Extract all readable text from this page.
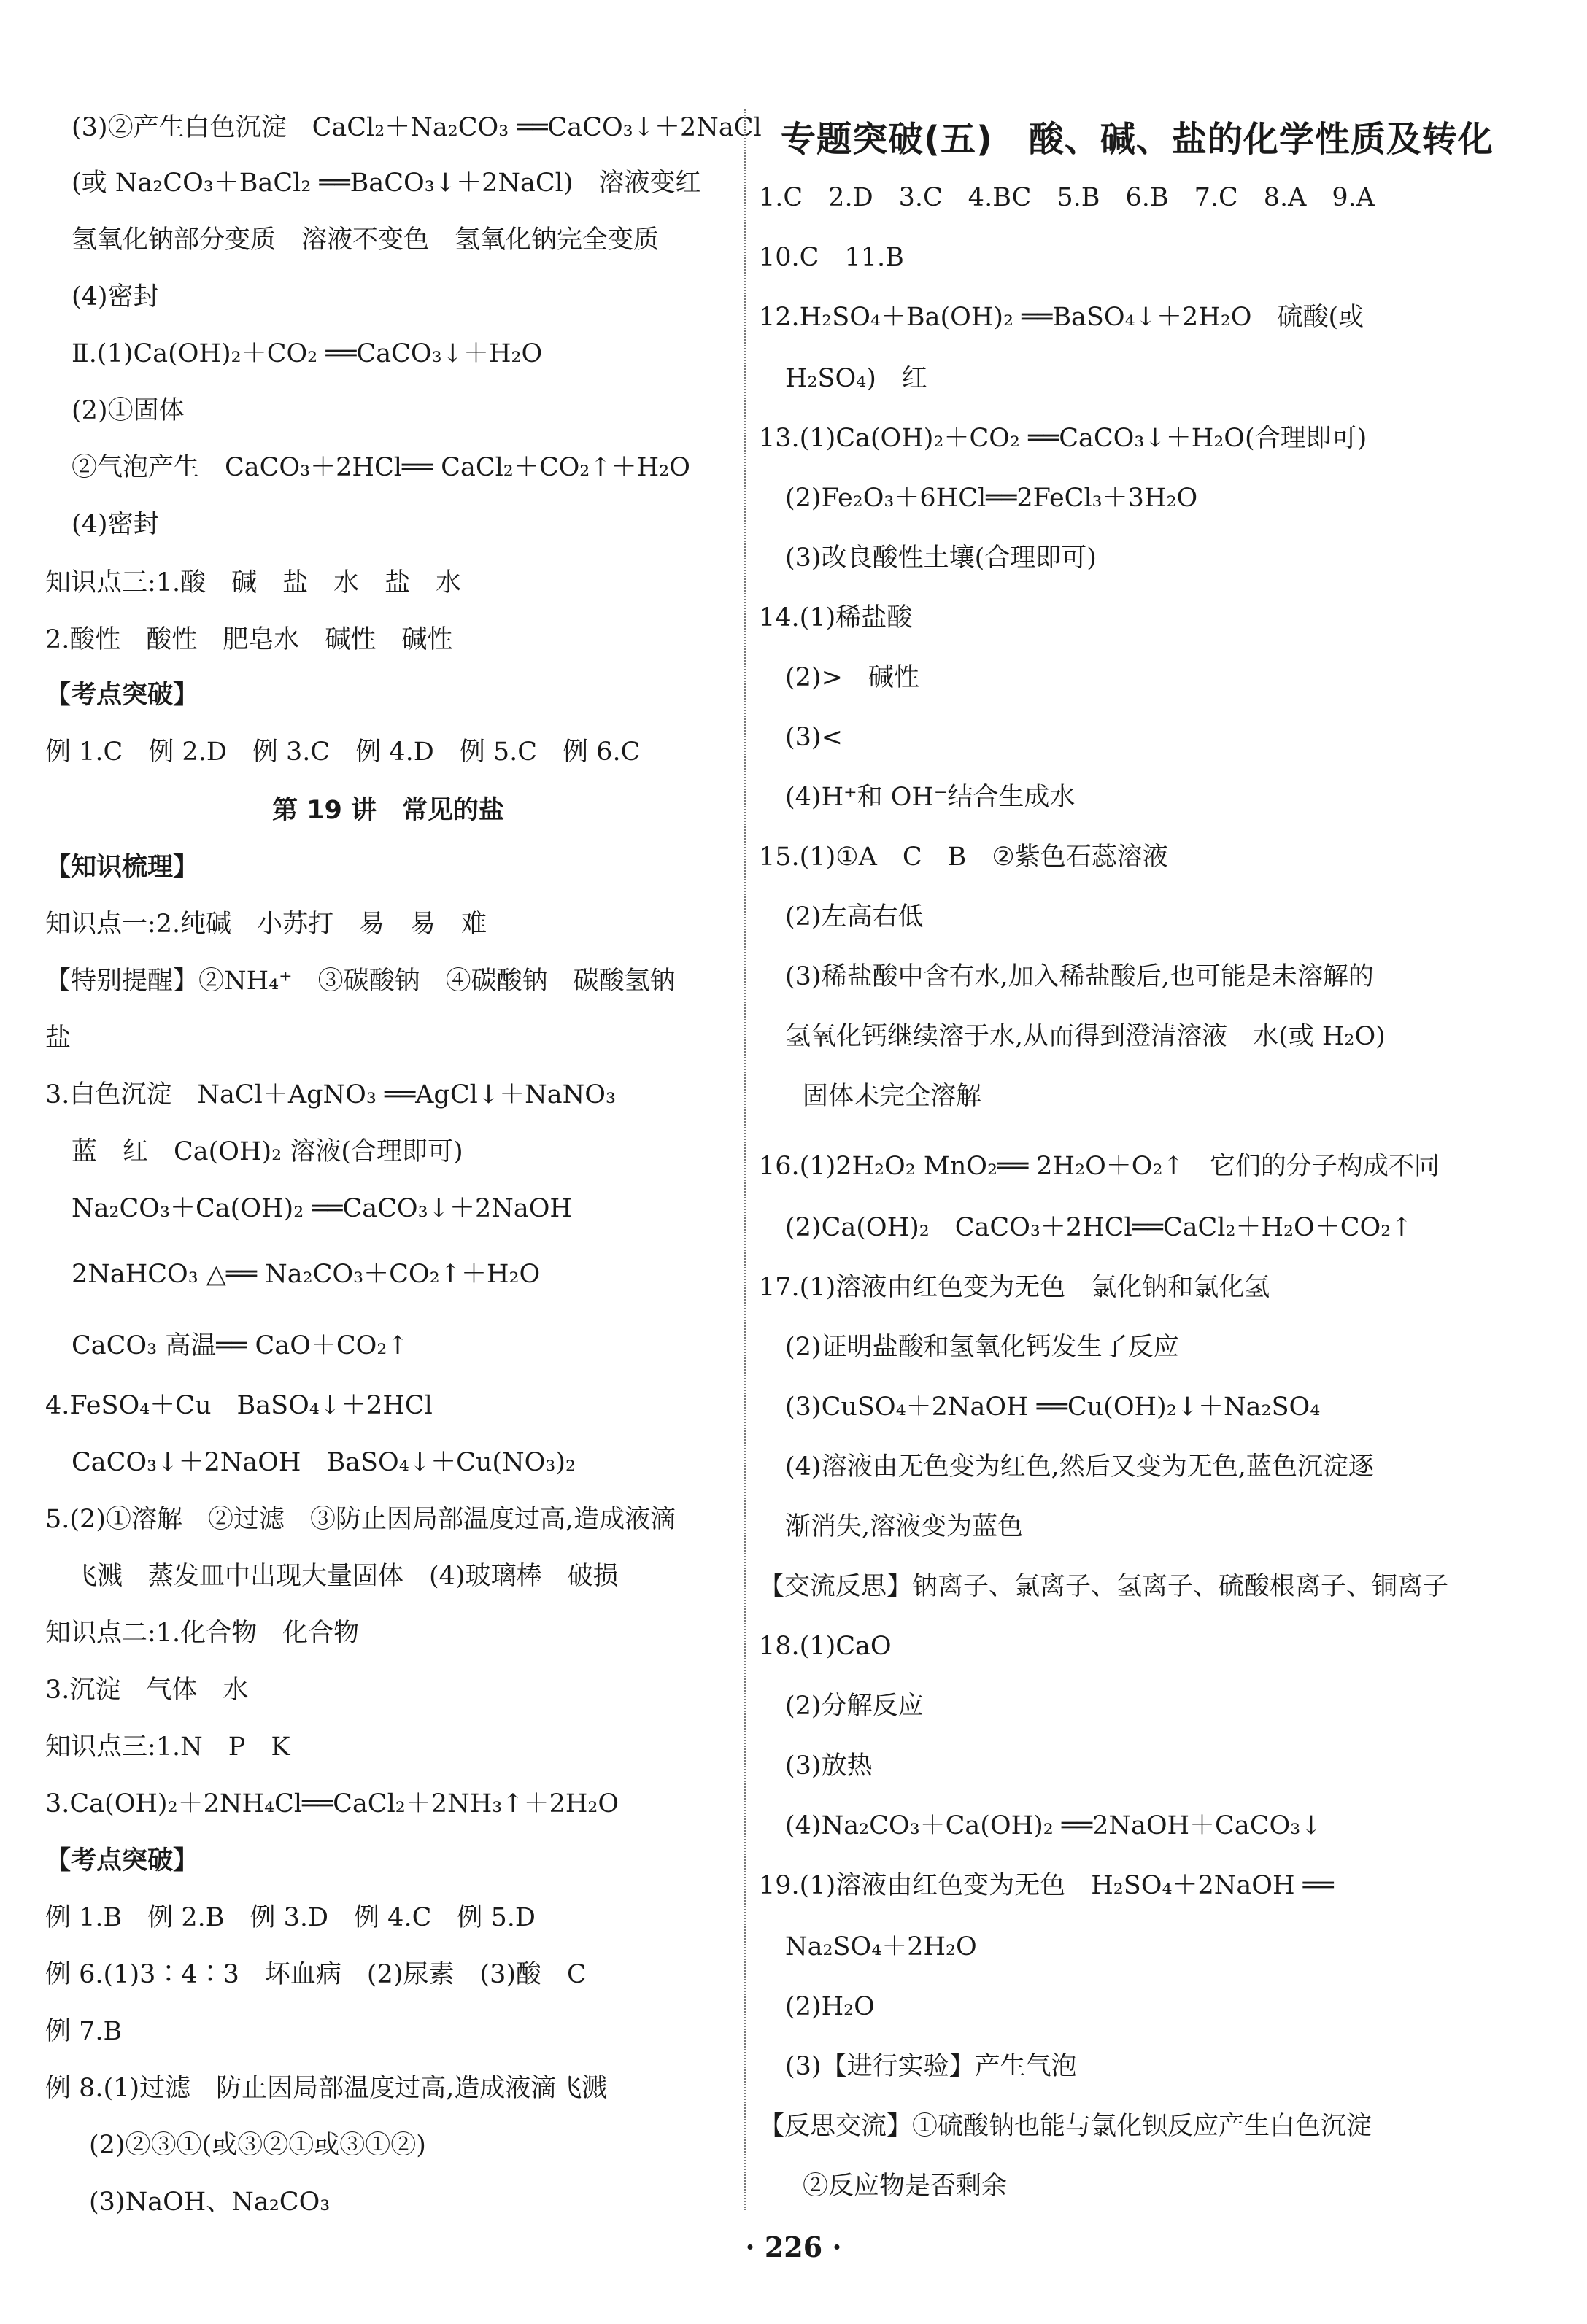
(3)②产生白色沉淀　CaCl₂＋Na₂CO₃ ══CaCO₃↓＋2NaCl
(或 Na₂CO₃＋BaCl₂ ══BaCO₃↓＋2NaCl)　溶液变红
氢氧化钠部分变质　溶液不变色　氢氧化钠完全变质
(4)密封
Ⅱ.(1)Ca(OH)₂＋CO₂ ══CaCO₃↓＋H₂O
(2)①固体
②气泡产生　CaCO₃＋2HCl══ CaCl₂＋CO₂↑＋H₂O
(4)密封
知识点三:1.酸　碱　盐　水　盐　水
2.酸性　酸性　肥皂水　碱性　碱性
【考点突破】
例 1.C　例 2.D　例 3.C　例 4.D　例 5.C　例 6.C
第 19 讲　常见的盐
【知识梳理】
知识点一:2.纯碱　小苏打　易　易　难
【特别提醒】②NH₄⁺　③碳酸钠　④碳酸钠　碳酸氢钠
盐
3.白色沉淀　NaCl＋AgNO₃ ══AgCl↓＋NaNO₃
蓝　红　Ca(OH)₂ 溶液(合理即可)
Na₂CO₃＋Ca(OH)₂ ══CaCO₃↓＋2NaOH
2NaHCO₃ △══ Na₂CO₃＋CO₂↑＋H₂O
CaCO₃ 高温══ CaO＋CO₂↑
4.FeSO₄＋Cu　BaSO₄↓＋2HCl
CaCO₃↓＋2NaOH　BaSO₄↓＋Cu(NO₃)₂
5.(2)①溶解　②过滤　③防止因局部温度过高,造成液滴
飞溅　蒸发皿中出现大量固体　(4)玻璃棒　破损
知识点二:1.化合物　化合物
3.沉淀　气体　水
知识点三:1.N　P　K
3.Ca(OH)₂＋2NH₄Cl══CaCl₂＋2NH₃↑＋2H₂O
【考点突破】
例 1.B　例 2.B　例 3.D　例 4.C　例 5.D
例 6.(1)3∶4∶3　坏血病　(2)尿素　(3)酸　C
例 7.B
例 8.(1)过滤　防止因局部温度过高,造成液滴飞溅
(2)②③①(或③②①或③①②)
(3)NaOH、Na₂CO₃
专题突破(五)　酸、碱、盐的化学性质及转化
1.C　2.D　3.C　4.BC　5.B　6.B　7.C　8.A　9.A
10.C　11.B
12.H₂SO₄＋Ba(OH)₂ ══BaSO₄↓＋2H₂O　硫酸(或
H₂SO₄)　红
13.(1)Ca(OH)₂＋CO₂ ══CaCO₃↓＋H₂O(合理即可)
(2)Fe₂O₃＋6HCl══2FeCl₃＋3H₂O
(3)改良酸性土壤(合理即可)
14.(1)稀盐酸
(2)>　碱性
(3)<
(4)H⁺和 OH⁻结合生成水
15.(1)①A　C　B　②紫色石蕊溶液
(2)左高右低
(3)稀盐酸中含有水,加入稀盐酸后,也可能是未溶解的
氢氧化钙继续溶于水,从而得到澄清溶液　水(或 H₂O)
固体未完全溶解
16.(1)2H₂O₂ MnO₂══ 2H₂O＋O₂↑　它们的分子构成不同
(2)Ca(OH)₂　CaCO₃＋2HCl══CaCl₂＋H₂O＋CO₂↑
17.(1)溶液由红色变为无色　氯化钠和氯化氢
(2)证明盐酸和氢氧化钙发生了反应
(3)CuSO₄＋2NaOH ══Cu(OH)₂↓＋Na₂SO₄
(4)溶液由无色变为红色,然后又变为无色,蓝色沉淀逐
渐消失,溶液变为蓝色
【交流反思】钠离子、氯离子、氢离子、硫酸根离子、铜离子
18.(1)CaO
(2)分解反应
(3)放热
(4)Na₂CO₃＋Ca(OH)₂ ══2NaOH＋CaCO₃↓
19.(1)溶液由红色变为无色　H₂SO₄＋2NaOH ══
Na₂SO₄＋2H₂O
(2)H₂O
(3)【进行实验】产生气泡
【反思交流】①硫酸钠也能与氯化钡反应产生白色沉淀
②反应物是否剩余
· 226 ·
